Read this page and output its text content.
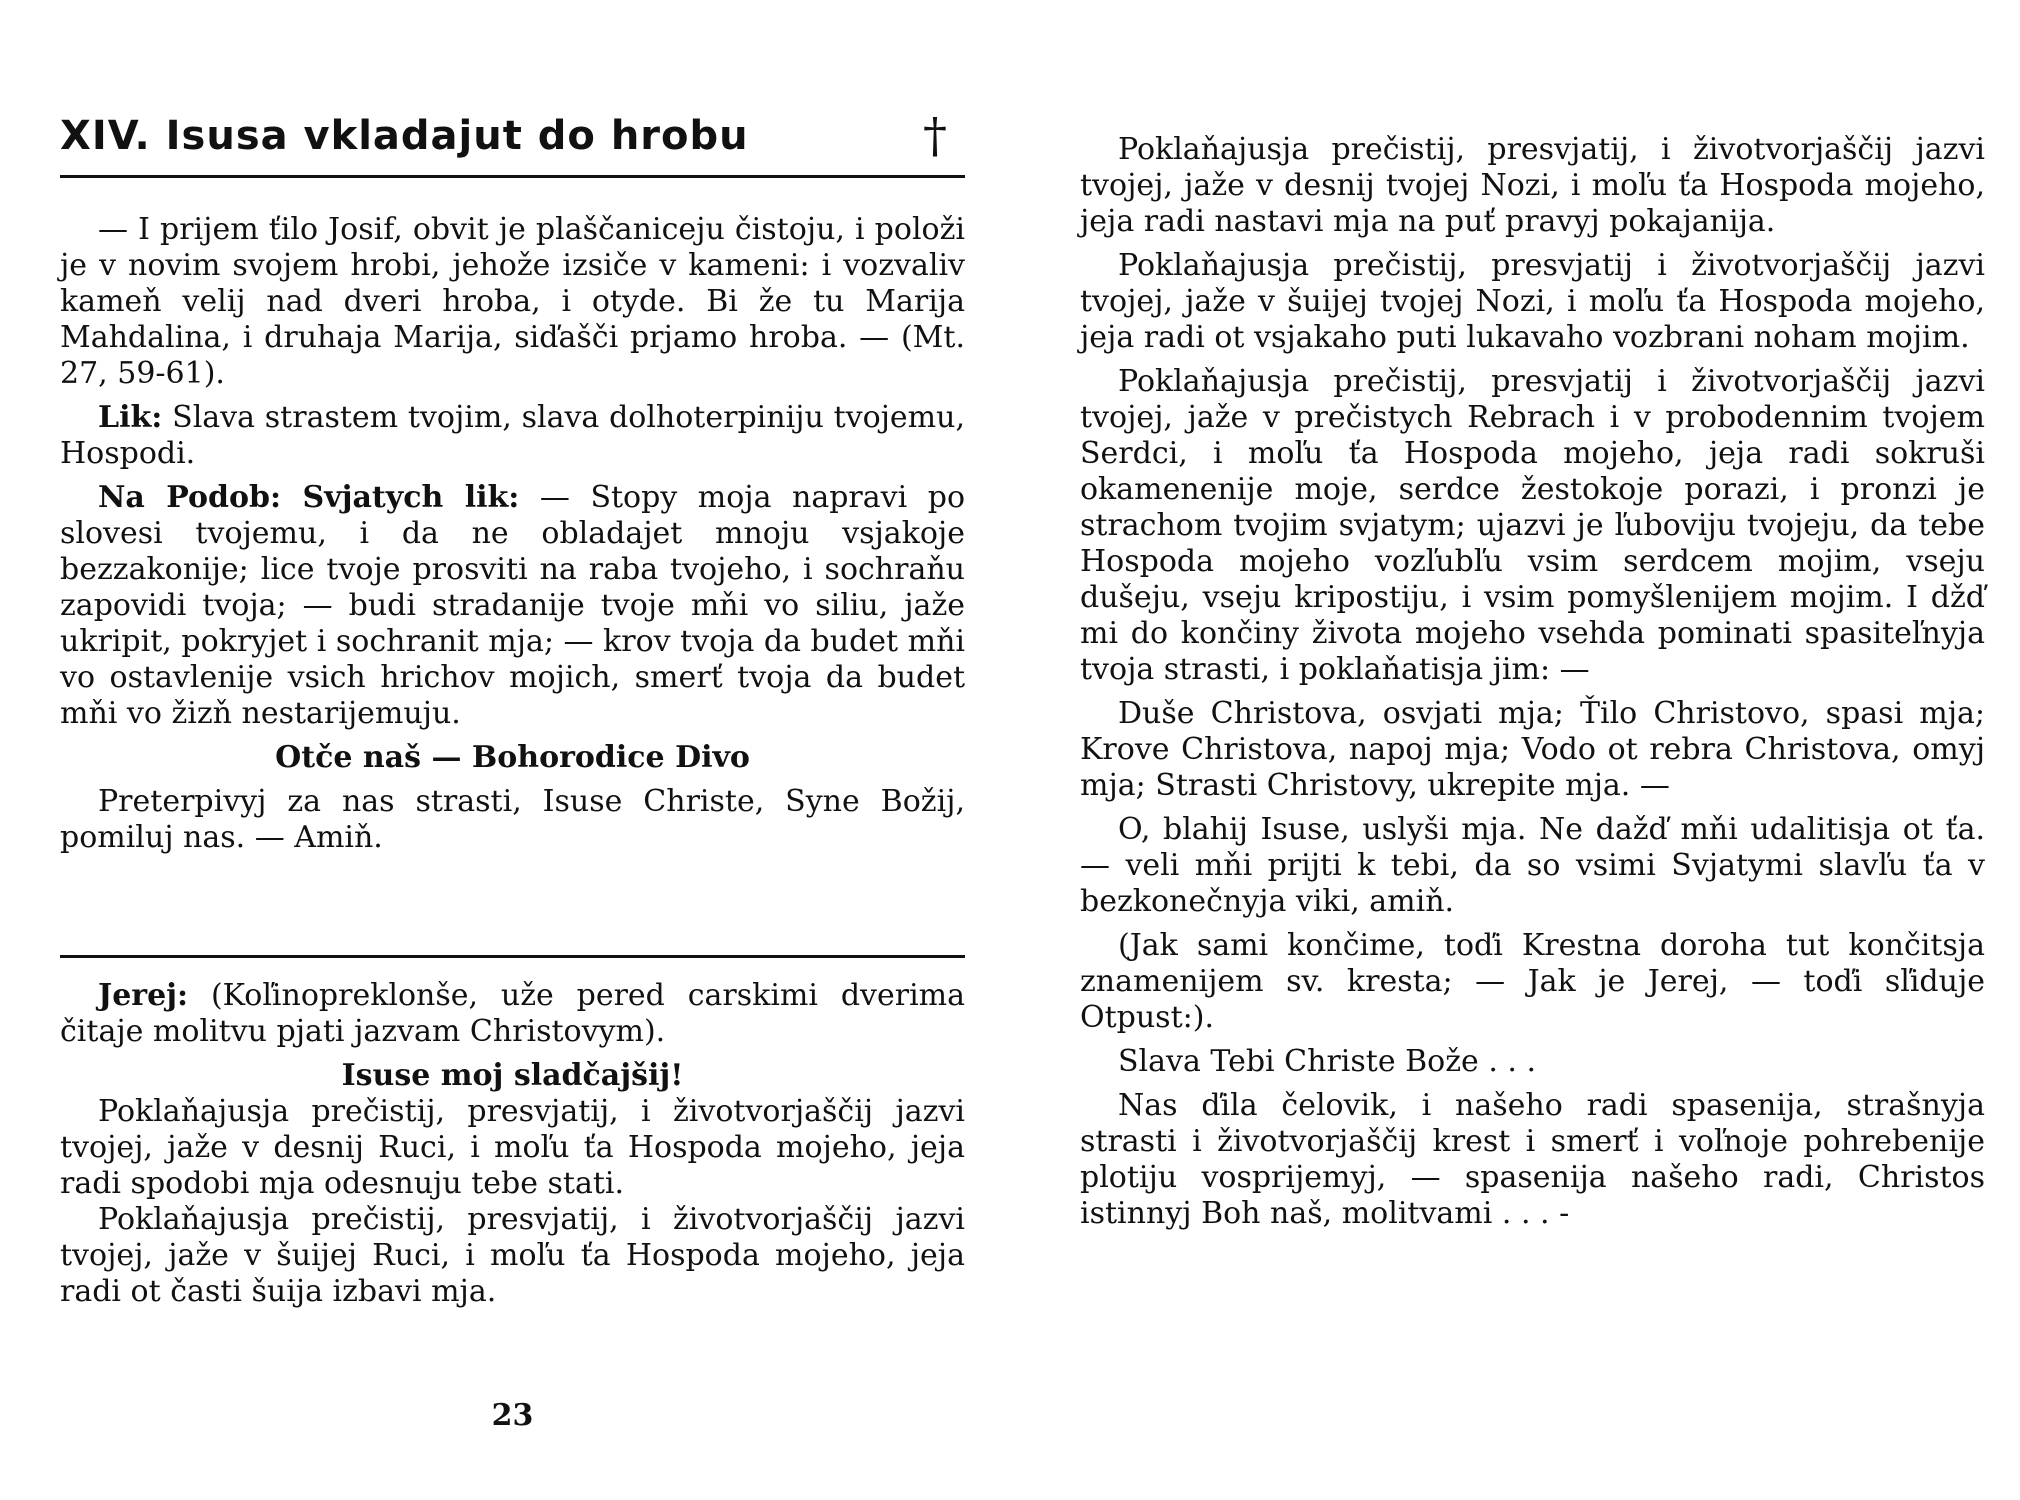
XIV. Isusa vkladajut do hrobu	†

— I prijem ťilo Josif, obvit je plaščaniceju čistoju, i položi je v novim svojem hrobi, jehože izsiče v kameni: i vozvaliv kameň velij nad dveri hroba, i otyde. Bi že tu Marija Mahdalina, i druhaja Marija, siďašči prjamo hroba. — (Mt. 27, 59-61).

Lik: Slava strastem tvojim, slava dolhoterpiniju tvojemu, Hospodi.

Na Podob: Svjatych lik: — Stopy moja napravi po slovesi tvojemu, i da ne obladajet mnoju vsjakoje bezzakonije; lice tvoje prosviti na raba tvojeho, i sochraňu zapovidi tvoja; — budi stradanije tvoje mňi vo siliu, jaže ukripit, pokryjet i sochranit mja; — krov tvoja da budet mňi vo ostavlenije vsich hrichov mojich, smerť tvoja da budet mňi vo žizň nestarijemuju.

Otče naš — Bohorodice Divo

Preterpivyj za nas strasti, Isuse Christe, Syne Božij, pomiluj nas. — Amiň.

Jerej: (Koľinopreklonše, uže pered carskimi dverima čitaje molitvu pjati jazvam Christovym).

Isuse moj sladčajšij!

Poklaňajusja prečistij, presvjatij, i životvorjaščij jazvi tvojej, jaže v desnij Ruci, i moľu ťa Hospoda mojeho, jeja radi spodobi mja odesnuju tebe stati.

Poklaňajusja prečistij, presvjatij, i životvorjaščij jazvi tvojej, jaže v šuijej Ruci, i moľu ťa Hospoda mojeho, jeja radi ot časti šuija izbavi mja.

23

Poklaňajusja prečistij, presvjatij, i životvorjaščij jazvi tvojej, jaže v desnij tvojej Nozi, i moľu ťa Hospoda mojeho, jeja radi nastavi mja na puť pravyj pokajanija.

Poklaňajusja prečistij, presvjatij i životvorjaščij jazvi tvojej, jaže v šuijej tvojej Nozi, i moľu ťa Hospoda mojeho, jeja radi ot vsjakaho puti lukavaho vozbrani noham mojim.

Poklaňajusja prečistij, presvjatij i životvorjaščij jazvi tvojej, jaže v prečistych Rebrach i v probodennim tvojem Serdci, i moľu ťa Hospoda mojeho, jeja radi sokruši okamenenije moje, serdce žestokoje porazi, i pronzi je strachom tvojim svjatym; ujazvi je ľuboviju tvojeju, da tebe Hospoda mojeho vozľubľu vsim serdcem mojim, vseju dušeju, vseju kripostiju, i vsim pomyšlenijem mojim. I džď mi do končiny života mojeho vsehda pominati spasiteľnyja tvoja strasti, i poklaňatisja jim: —

Duše Christova, osvjati mja; Ťilo Christovo, spasi mja; Krove Christova, napoj mja; Vodo ot rebra Christova, omyj mja; Strasti Christovy, ukrepite mja. —

O, blahij Isuse, uslyši mja. Ne dažď mňi udalitisja ot ťa. — veli mňi prijti k tebi, da so vsimi Svjatymi slavľu ťa v bezkonečnyja viki, amiň.

(Jak sami končime, toďi Krestna doroha tut končitsja znamenijem sv. kresta; — Jak je Jerej, — toďi sľiduje Otpust:).

Slava Tebi Christe Bože . . .

Nas ďila čelovik, i našeho radi spasenija, strašnyja strasti i životvorjaščij krest i smerť i voľnoje pohrebenije plotiju vosprijemyj, — spasenija našeho radi, Christos istinnyj Boh naš, molitvami . . . -
